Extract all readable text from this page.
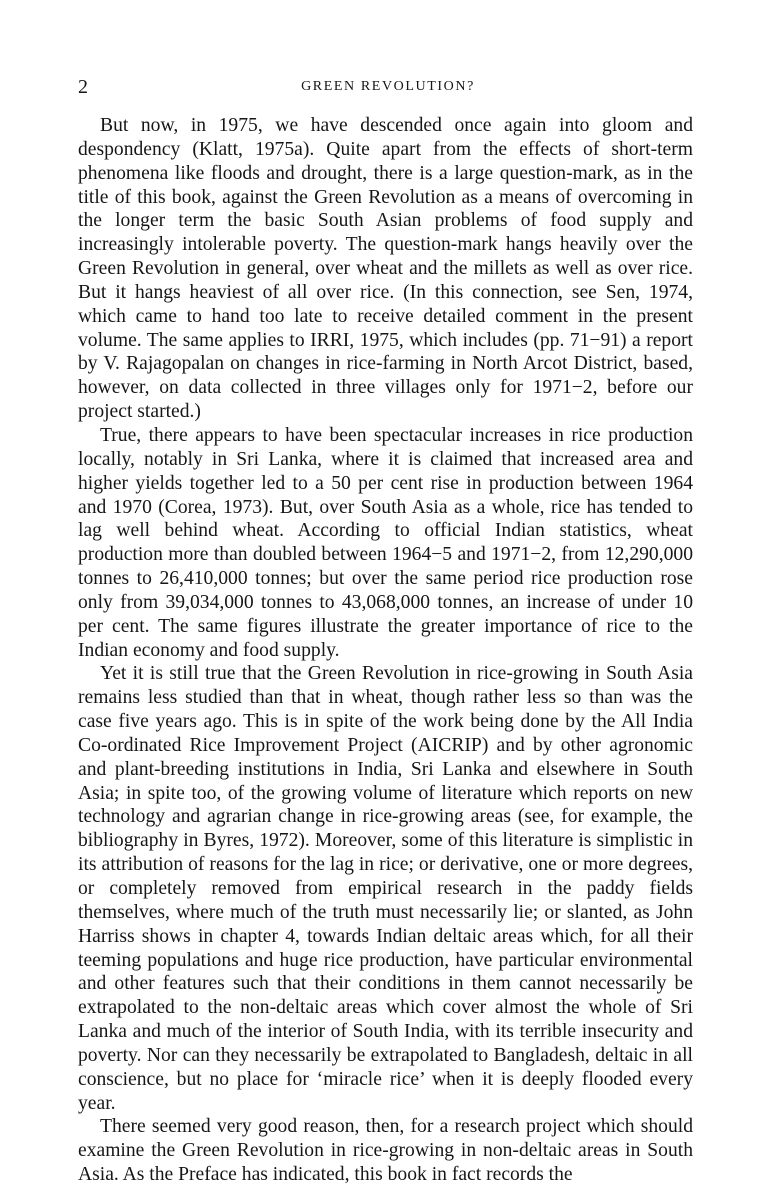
2	GREEN REVOLUTION?

But now, in 1975, we have descended once again into gloom and despondency (Klatt, 1975a). Quite apart from the effects of short-term phenomena like floods and drought, there is a large question-mark, as in the title of this book, against the Green Revolution as a means of overcoming in the longer term the basic South Asian problems of food supply and increasingly intolerable poverty. The question-mark hangs heavily over the Green Revolution in general, over wheat and the millets as well as over rice. But it hangs heaviest of all over rice. (In this connection, see Sen, 1974, which came to hand too late to receive detailed comment in the present volume. The same applies to IRRI, 1975, which includes (pp. 71−91) a report by V. Rajagopalan on changes in rice-farming in North Arcot District, based, however, on data collected in three villages only for 1971−2, before our project started.)

True, there appears to have been spectacular increases in rice production locally, notably in Sri Lanka, where it is claimed that increased area and higher yields together led to a 50 per cent rise in production between 1964 and 1970 (Corea, 1973). But, over South Asia as a whole, rice has tended to lag well behind wheat. According to official Indian statistics, wheat production more than doubled between 1964−5 and 1971−2, from 12,290,000 tonnes to 26,410,000 tonnes; but over the same period rice production rose only from 39,034,000 tonnes to 43,068,000 tonnes, an increase of under 10 per cent. The same figures illustrate the greater importance of rice to the Indian economy and food supply.

Yet it is still true that the Green Revolution in rice-growing in South Asia remains less studied than that in wheat, though rather less so than was the case five years ago. This is in spite of the work being done by the All India Co-ordinated Rice Improvement Project (AICRIP) and by other agronomic and plant-breeding institutions in India, Sri Lanka and elsewhere in South Asia; in spite too, of the growing volume of literature which reports on new technology and agrarian change in rice-growing areas (see, for example, the bibliography in Byres, 1972). Moreover, some of this literature is simplistic in its attribution of reasons for the lag in rice; or derivative, one or more degrees, or completely removed from empirical research in the paddy fields themselves, where much of the truth must necessarily lie; or slanted, as John Harriss shows in chapter 4, towards Indian deltaic areas which, for all their teeming populations and huge rice production, have particular environmental and other features such that their conditions in them cannot necessarily be extrapolated to the non-deltaic areas which cover almost the whole of Sri Lanka and much of the interior of South India, with its terrible insecurity and poverty. Nor can they necessarily be extrapolated to Bangladesh, deltaic in all conscience, but no place for ‘miracle rice’ when it is deeply flooded every year.

There seemed very good reason, then, for a research project which should examine the Green Revolution in rice-growing in non-deltaic areas in South Asia. As the Preface has indicated, this book in fact records the
